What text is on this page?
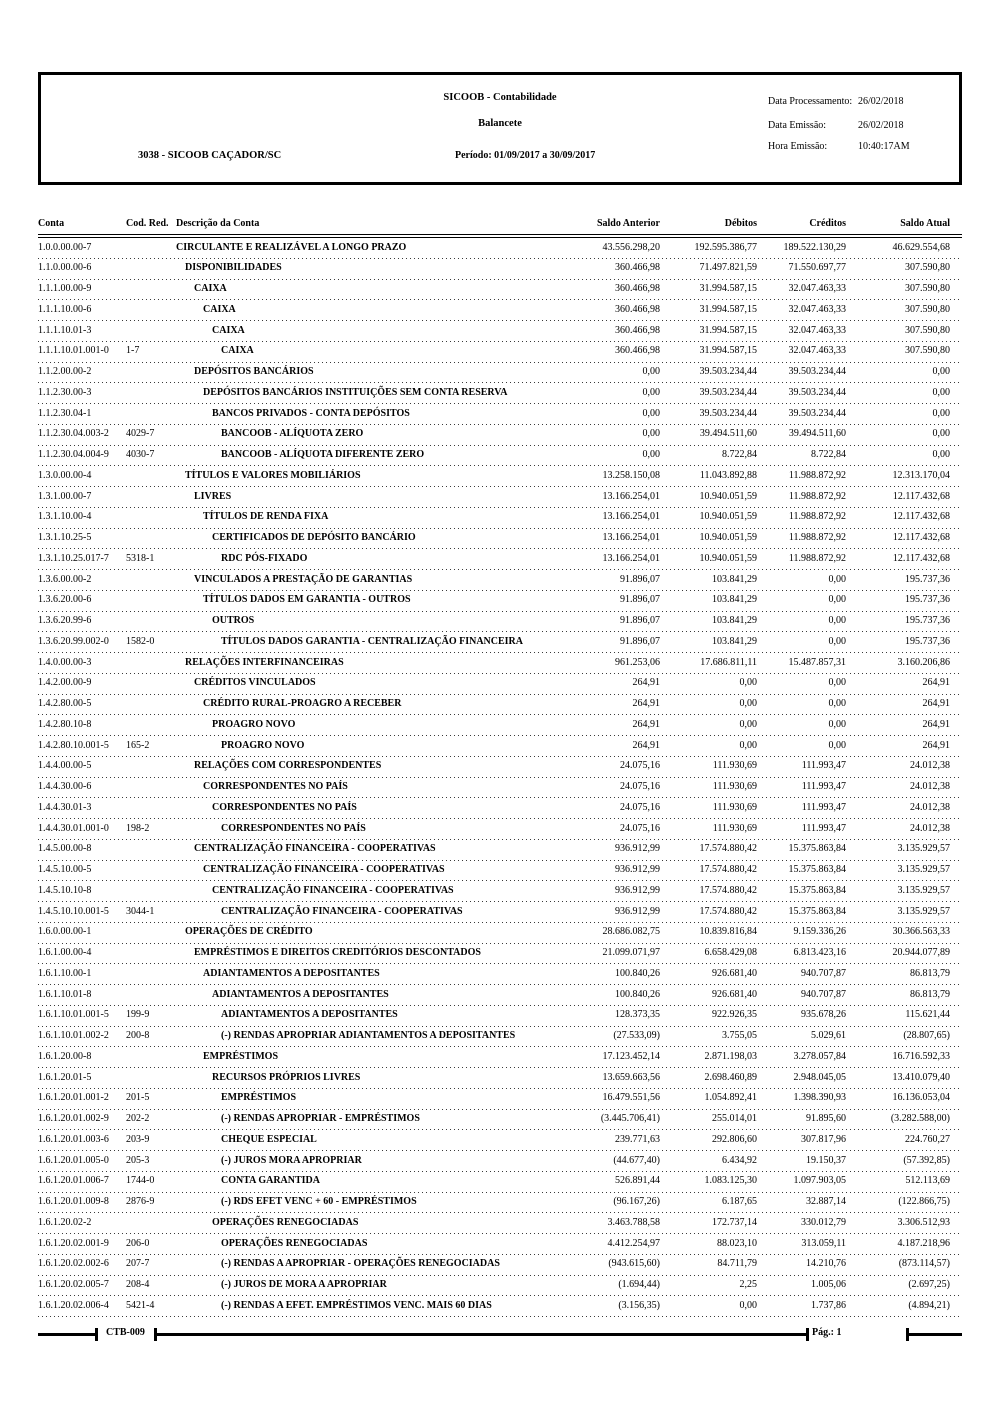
SICOOB - Contabilidade
Balancete
3038 - SICOOB CAÇADOR/SC	Período: 01/09/2017 a 30/09/2017
Data Processamento: 26/02/2018
Data Emissão:	26/02/2018
Hora Emissão:	10:40:17AM
Conta	Cod. Red. Descrição da Conta	Saldo Anterior	Débitos	Créditos	Saldo Atual
1.0.0.00.00-7	CIRCULANTE E REALIZÁVEL A LONGO PRAZO	43.556.298,20	192.595.386,77	189.522.130,29	46.629.554,68
1.1.0.00.00-6	DISPONIBILIDADES	360.466,98	71.497.821,59	71.550.697,77	307.590,80
1.1.1.00.00-9	CAIXA	360.466,98	31.994.587,15	32.047.463,33	307.590,80
1.1.1.10.00-6	CAIXA	360.466,98	31.994.587,15	32.047.463,33	307.590,80
1.1.1.10.01-3	CAIXA	360.466,98	31.994.587,15	32.047.463,33	307.590,80
1.1.1.10.01.001-0	1-7	CAIXA	360.466,98	31.994.587,15	32.047.463,33	307.590,80
1.1.2.00.00-2	DEPÓSITOS BANCÁRIOS	0,00	39.503.234,44	39.503.234,44	0,00
1.1.2.30.00-3	DEPÓSITOS BANCÁRIOS INSTITUIÇÕES SEM CONTA RESERVA	0,00	39.503.234,44	39.503.234,44	0,00
1.1.2.30.04-1	BANCOS PRIVADOS - CONTA DEPÓSITOS	0,00	39.503.234,44	39.503.234,44	0,00
1.1.2.30.04.003-2	4029-7	BANCOOB - ALÍQUOTA ZERO	0,00	39.494.511,60	39.494.511,60	0,00
1.1.2.30.04.004-9	4030-7	BANCOOB - ALÍQUOTA DIFERENTE ZERO	0,00	8.722,84	8.722,84	0,00
1.3.0.00.00-4	TÍTULOS E VALORES MOBILIÁRIOS	13.258.150,08	11.043.892,88	11.988.872,92	12.313.170,04
1.3.1.00.00-7	LIVRES	13.166.254,01	10.940.051,59	11.988.872,92	12.117.432,68
1.3.1.10.00-4	TÍTULOS DE RENDA FIXA	13.166.254,01	10.940.051,59	11.988.872,92	12.117.432,68
1.3.1.10.25-5	CERTIFICADOS DE DEPÓSITO BANCÁRIO	13.166.254,01	10.940.051,59	11.988.872,92	12.117.432,68
1.3.1.10.25.017-7	5318-1	RDC PÓS-FIXADO	13.166.254,01	10.940.051,59	11.988.872,92	12.117.432,68
1.3.6.00.00-2	VINCULADOS A PRESTAÇÃO DE GARANTIAS	91.896,07	103.841,29	0,00	195.737,36
1.3.6.20.00-6	TÍTULOS DADOS EM GARANTIA - OUTROS	91.896,07	103.841,29	0,00	195.737,36
1.3.6.20.99-6	OUTROS	91.896,07	103.841,29	0,00	195.737,36
1.3.6.20.99.002-0	1582-0	TÍTULOS DADOS GARANTIA - CENTRALIZAÇÃO FINANCEIRA	91.896,07	103.841,29	0,00	195.737,36
1.4.0.00.00-3	RELAÇÕES INTERFINANCEIRAS	961.253,06	17.686.811,11	15.487.857,31	3.160.206,86
1.4.2.00.00-9	CRÉDITOS VINCULADOS	264,91	0,00	0,00	264,91
1.4.2.80.00-5	CRÉDITO RURAL-PROAGRO A RECEBER	264,91	0,00	0,00	264,91
1.4.2.80.10-8	PROAGRO NOVO	264,91	0,00	0,00	264,91
1.4.2.80.10.001-5	165-2	PROAGRO NOVO	264,91	0,00	0,00	264,91
1.4.4.00.00-5	RELAÇÕES COM CORRESPONDENTES	24.075,16	111.930,69	111.993,47	24.012,38
1.4.4.30.00-6	CORRESPONDENTES NO PAÍS	24.075,16	111.930,69	111.993,47	24.012,38
1.4.4.30.01-3	CORRESPONDENTES NO PAÍS	24.075,16	111.930,69	111.993,47	24.012,38
1.4.4.30.01.001-0	198-2	CORRESPONDENTES NO PAÍS	24.075,16	111.930,69	111.993,47	24.012,38
1.4.5.00.00-8	CENTRALIZAÇÃO FINANCEIRA - COOPERATIVAS	936.912,99	17.574.880,42	15.375.863,84	3.135.929,57
1.4.5.10.00-5	CENTRALIZAÇÃO FINANCEIRA - COOPERATIVAS	936.912,99	17.574.880,42	15.375.863,84	3.135.929,57
1.4.5.10.10-8	CENTRALIZAÇÃO FINANCEIRA - COOPERATIVAS	936.912,99	17.574.880,42	15.375.863,84	3.135.929,57
1.4.5.10.10.001-5	3044-1	CENTRALIZAÇÃO FINANCEIRA - COOPERATIVAS	936.912,99	17.574.880,42	15.375.863,84	3.135.929,57
1.6.0.00.00-1	OPERAÇÕES DE CRÉDITO	28.686.082,75	10.839.816,84	9.159.336,26	30.366.563,33
1.6.1.00.00-4	EMPRÉSTIMOS E DIREITOS CREDITÓRIOS DESCONTADOS	21.099.071,97	6.658.429,08	6.813.423,16	20.944.077,89
1.6.1.10.00-1	ADIANTAMENTOS A DEPOSITANTES	100.840,26	926.681,40	940.707,87	86.813,79
1.6.1.10.01-8	ADIANTAMENTOS A DEPOSITANTES	100.840,26	926.681,40	940.707,87	86.813,79
1.6.1.10.01.001-5	199-9	ADIANTAMENTOS A DEPOSITANTES	128.373,35	922.926,35	935.678,26	115.621,44
1.6.1.10.01.002-2	200-8	(-) RENDAS APROPRIAR ADIANTAMENTOS A DEPOSITANTES	(27.533,09)	3.755,05	5.029,61	(28.807,65)
1.6.1.20.00-8	EMPRÉSTIMOS	17.123.452,14	2.871.198,03	3.278.057,84	16.716.592,33
1.6.1.20.01-5	RECURSOS PRÓPRIOS LIVRES	13.659.663,56	2.698.460,89	2.948.045,05	13.410.079,40
1.6.1.20.01.001-2	201-5	EMPRÉSTIMOS	16.479.551,56	1.054.892,41	1.398.390,93	16.136.053,04
1.6.1.20.01.002-9	202-2	(-) RENDAS APROPRIAR - EMPRÉSTIMOS	(3.445.706,41)	255.014,01	91.895,60	(3.282.588,00)
1.6.1.20.01.003-6	203-9	CHEQUE ESPECIAL	239.771,63	292.806,60	307.817,96	224.760,27
1.6.1.20.01.005-0	205-3	(-) JUROS MORA APROPRIAR	(44.677,40)	6.434,92	19.150,37	(57.392,85)
1.6.1.20.01.006-7	1744-0	CONTA GARANTIDA	526.891,44	1.083.125,30	1.097.903,05	512.113,69
1.6.1.20.01.009-8	2876-9	(-) RDS EFET VENC + 60 - EMPRÉSTIMOS	(96.167,26)	6.187,65	32.887,14	(122.866,75)
1.6.1.20.02-2	OPERAÇÕES RENEGOCIADAS	3.463.788,58	172.737,14	330.012,79	3.306.512,93
1.6.1.20.02.001-9	206-0	OPERAÇÕES RENEGOCIADAS	4.412.254,97	88.023,10	313.059,11	4.187.218,96
1.6.1.20.02.002-6	207-7	(-) RENDAS A APROPRIAR - OPERAÇÕES RENEGOCIADAS	(943.615,60)	84.711,79	14.210,76	(873.114,57)
1.6.1.20.02.005-7	208-4	(-) JUROS DE MORA A APROPRIAR	(1.694,44)	2,25	1.005,06	(2.697,25)
1.6.1.20.02.006-4	5421-4	(-) RENDAS A EFET. EMPRÉSTIMOS VENC. MAIS 60 DIAS	(3.156,35)	0,00	1.737,86	(4.894,21)
CTB-009	Pág.: 1
